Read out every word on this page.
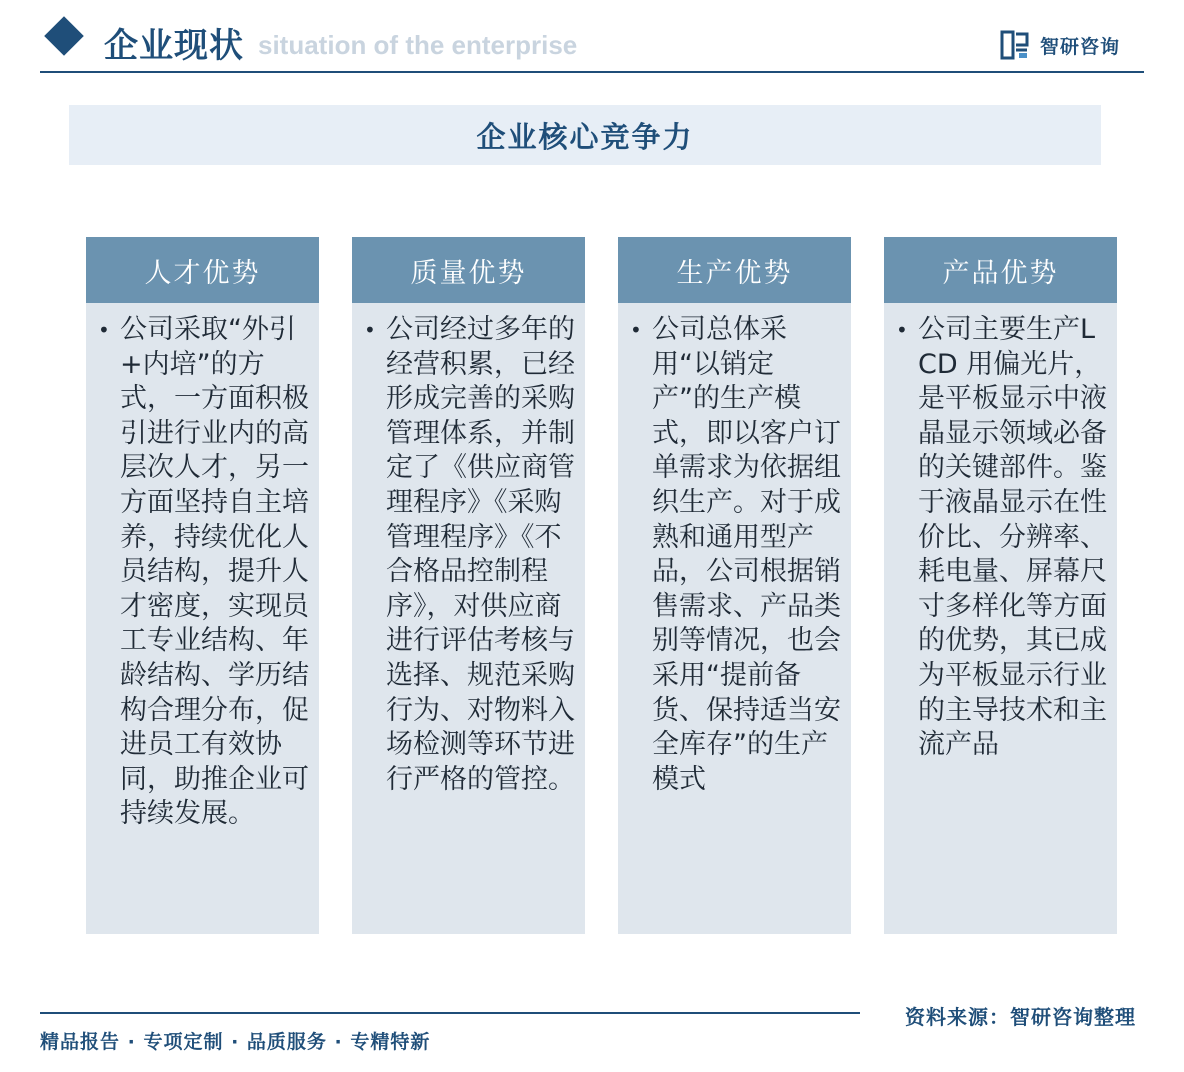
企业现状 situation of the enterprise	智研咨询
企业核心竞争力
人才优势
• 公司采取“外引+内培”的方式，一方面积极引进行业内的高层次人才，另一方面坚持自主培养，持续优化人员结构，提升人才密度，实现员工专业结构、年龄结构、学历结构合理分布，促进员工有效协同，助推企业可持续发展。
质量优势
• 公司经过多年的经营积累，已经形成完善的采购管理体系，并制定了《供应商管理程序》《采购管理程序》《不合格品控制程序》，对供应商进行评估考核与选择、规范采购行为、对物料入场检测等环节进行严格的管控。
生产优势
• 公司总体采用“以销定产”的生产模式，即以客户订单需求为依据组织生产。对于成熟和通用型产品，公司根据销售需求、产品类别等情况，也会采用“提前备货、保持适当安全库存”的生产模式
产品优势
• 公司主要生产LCD 用偏光片，是平板显示中液晶显示领域必备的关键部件。鉴于液晶显示在性价比、分辨率、耗电量、屏幕尺寸多样化等方面的优势，其已成为平板显示行业的主导技术和主流产品
资料来源：智研咨询整理
精品报告 · 专项定制 · 品质服务 · 专精特新
